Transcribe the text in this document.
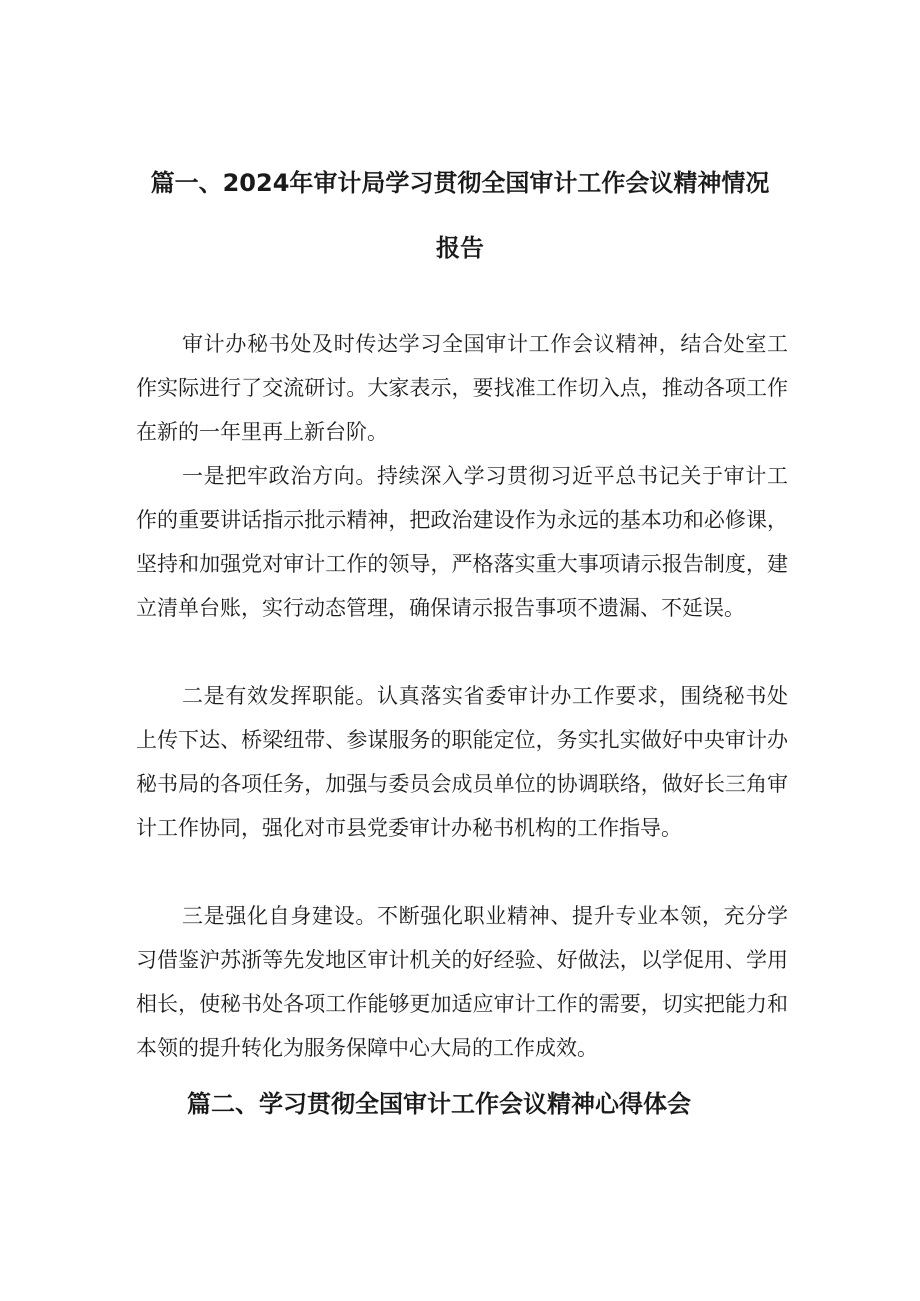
篇一、2024年审计局学习贯彻全国审计工作会议精神情况
报告

审计办秘书处及时传达学习全国审计工作会议精神，结合处室工作实际进行了交流研讨。大家表示，要找准工作切入点，推动各项工作在新的一年里再上新台阶。

一是把牢政治方向。持续深入学习贯彻习近平总书记关于审计工作的重要讲话指示批示精神，把政治建设作为永远的基本功和必修课，坚持和加强党对审计工作的领导，严格落实重大事项请示报告制度，建立清单台账，实行动态管理，确保请示报告事项不遗漏、不延误。

二是有效发挥职能。认真落实省委审计办工作要求，围绕秘书处上传下达、桥梁纽带、参谋服务的职能定位，务实扎实做好中央审计办秘书局的各项任务，加强与委员会成员单位的协调联络，做好长三角审计工作协同，强化对市县党委审计办秘书机构的工作指导。

三是强化自身建设。不断强化职业精神、提升专业本领，充分学习借鉴沪苏浙等先发地区审计机关的好经验、好做法，以学促用、学用相长，使秘书处各项工作能够更加适应审计工作的需要，切实把能力和本领的提升转化为服务保障中心大局的工作成效。

篇二、学习贯彻全国审计工作会议精神心得体会
